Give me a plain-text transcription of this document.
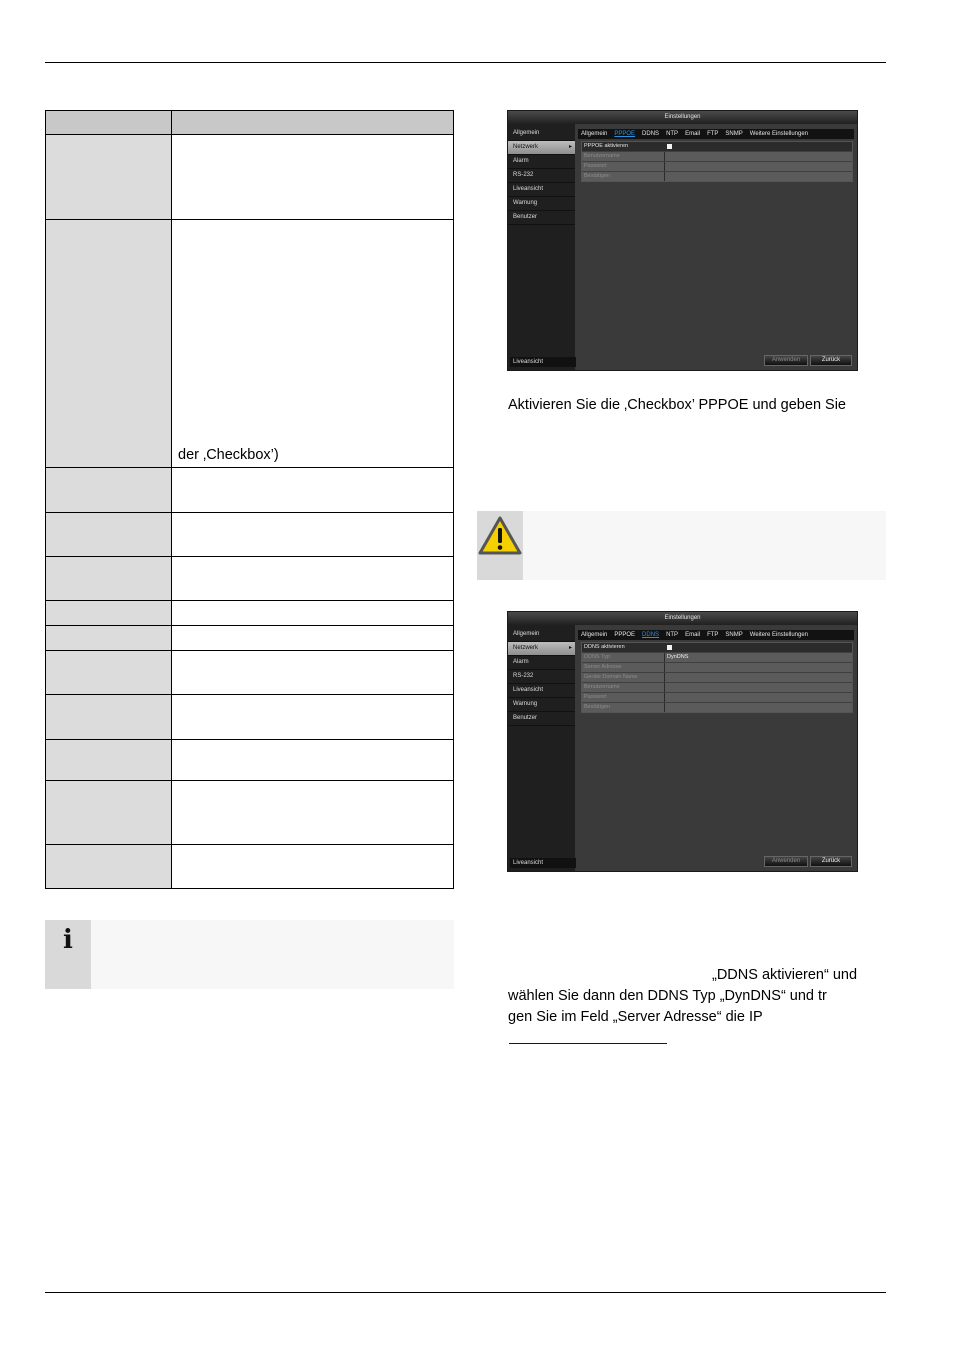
	der ‚Checkbox’)

i
Einstellungen
Allgemein
Netzwerk ▸
Alarm
RS-232
Liveansicht
Warnung
Benutzer
Liveansicht
Allgemein PPPOE DDNS NTP Email FTP SNMP Weitere Einstellungen
PPPOE aktivieren
Benutzername
Passwort
Bestätigen
Anwenden	Zurück
Aktivieren Sie die ‚Checkbox’ PPPOE und geben Sie
Einstellungen
Allgemein
Netzwerk ▸
Alarm
RS-232
Liveansicht
Warnung
Benutzer
Liveansicht
Allgemein PPPOE DDNS NTP Email FTP SNMP Weitere Einstellungen
DDNS aktivieren
DDNS Typ	DynDNS
Server Adresse
Geräte Domain Name
Benutzername
Passwort
Bestätigen
Anwenden	Zurück
„DDNS aktivieren“ und
wählen Sie dann den DDNS Typ „DynDNS“ und tr
gen Sie im Feld „Server Adresse“ die IP
